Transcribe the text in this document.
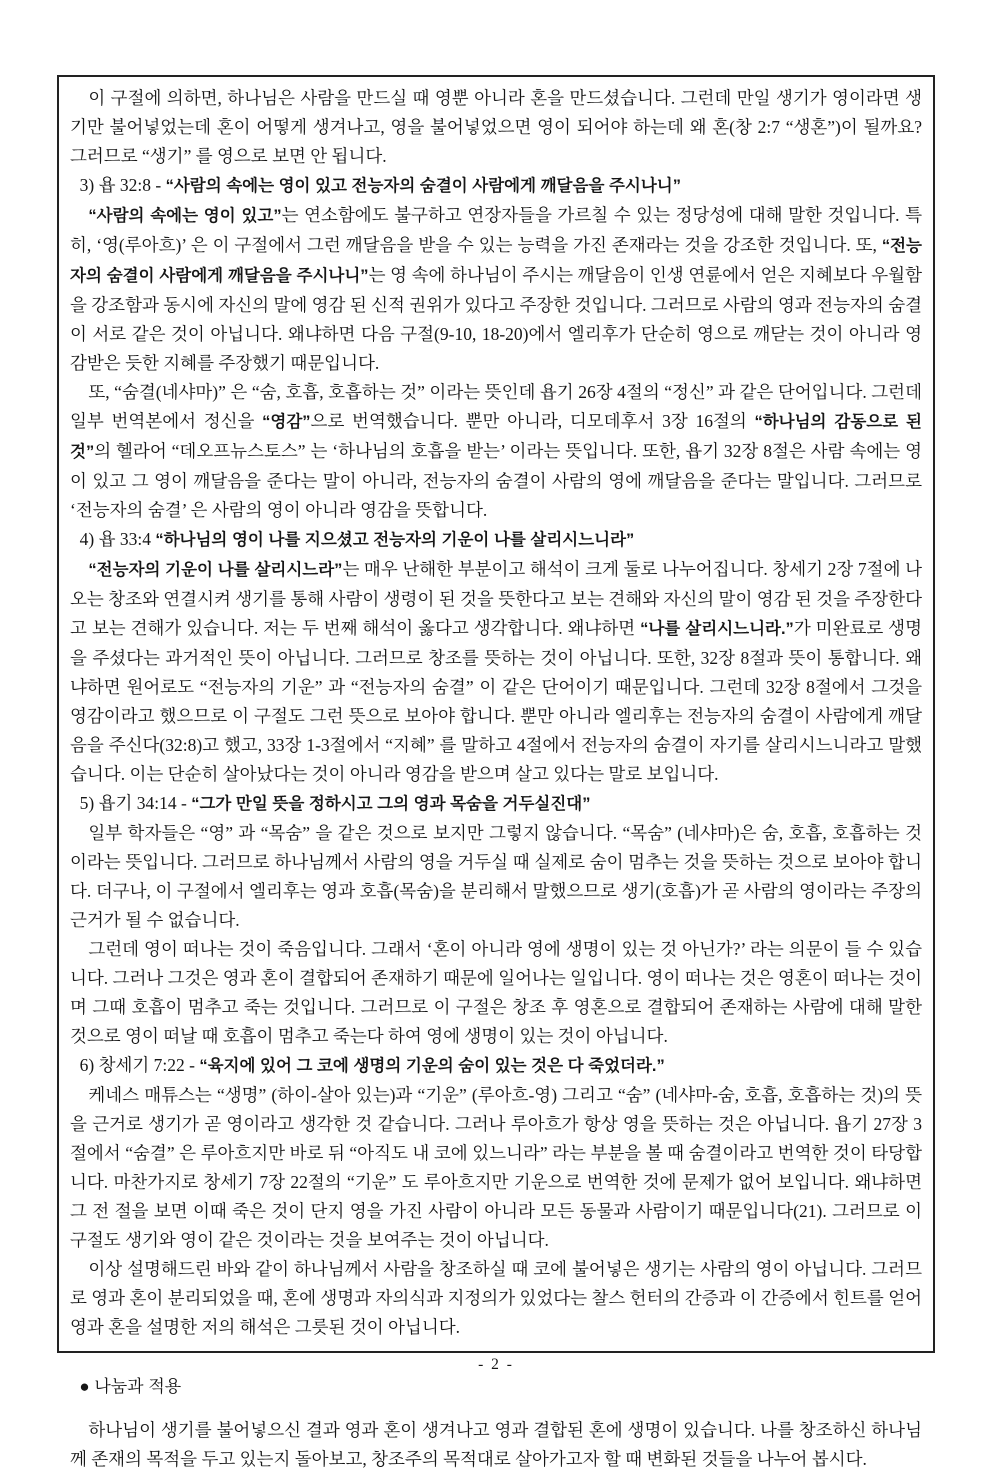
이 구절에 의하면, 하나님은 사람을 만드실 때 영뿐 아니라 혼을 만드셨습니다. 그런데 만일 생기가 영이라면 생기만 불어넣었는데 혼이 어떻게 생겨나고, 영을 불어넣었으면 영이 되어야 하는데 왜 혼(창 2:7 “생혼”)이 될까요? 그러므로 “생기” 를 영으로 보면 안 됩니다.

3) 욥 32:8 - “사람의 속에는 영이 있고 전능자의 숨결이 사람에게 깨달음을 주시나니”

“사람의 속에는 영이 있고”는 연소함에도 불구하고 연장자들을 가르칠 수 있는 정당성에 대해 말한 것입니다. 특히, ‘영(루아흐)’ 은 이 구절에서 그런 깨달음을 받을 수 있는 능력을 가진 존재라는 것을 강조한 것입니다. 또, “전능자의 숨결이 사람에게 깨달음을 주시나니”는 영 속에 하나님이 주시는 깨달음이 인생 연륜에서 얻은 지혜보다 우월함을 강조함과 동시에 자신의 말에 영감 된 신적 권위가 있다고 주장한 것입니다. 그러므로 사람의 영과 전능자의 숨결이 서로 같은 것이 아닙니다. 왜냐하면 다음 구절(9-10, 18-20)에서 엘리후가 단순히 영으로 깨닫는 것이 아니라 영감받은 듯한 지혜를 주장했기 때문입니다.

또, “숨결(네샤마)” 은 “숨, 호흡, 호흡하는 것” 이라는 뜻인데 욥기 26장 4절의 “정신” 과 같은 단어입니다. 그런데 일부 번역본에서 정신을 “영감”으로 번역했습니다. 뿐만 아니라, 디모데후서 3장 16절의 “하나님의 감동으로 된 것”의 헬라어 “데오프뉴스토스” 는 ‘하나님의 호흡을 받는’ 이라는 뜻입니다. 또한, 욥기 32장 8절은 사람 속에는 영이 있고 그 영이 깨달음을 준다는 말이 아니라, 전능자의 숨결이 사람의 영에 깨달음을 준다는 말입니다. 그러므로 ‘전능자의 숨결’ 은 사람의 영이 아니라 영감을 뜻합니다.

4) 욥 33:4 “하나님의 영이 나를 지으셨고 전능자의 기운이 나를 살리시느니라”

“전능자의 기운이 나를 살리시느라”는 매우 난해한 부분이고 해석이 크게 둘로 나누어집니다. 창세기 2장 7절에 나오는 창조와 연결시켜 생기를 통해 사람이 생령이 된 것을 뜻한다고 보는 견해와 자신의 말이 영감 된 것을 주장한다고 보는 견해가 있습니다. 저는 두 번째 해석이 옳다고 생각합니다. 왜냐하면 “나를 살리시느니라.”가 미완료로 생명을 주셨다는 과거적인 뜻이 아닙니다. 그러므로 창조를 뜻하는 것이 아닙니다. 또한, 32장 8절과 뜻이 통합니다. 왜냐하면 원어로도 “전능자의 기운” 과 “전능자의 숨결” 이 같은 단어이기 때문입니다. 그런데 32장 8절에서 그것을 영감이라고 했으므로 이 구절도 그런 뜻으로 보아야 합니다. 뿐만 아니라 엘리후는 전능자의 숨결이 사람에게 깨달음을 주신다(32:8)고 했고, 33장 1-3절에서 “지혜” 를 말하고 4절에서 전능자의 숨결이 자기를 살리시느니라고 말했습니다. 이는 단순히 살아났다는 것이 아니라 영감을 받으며 살고 있다는 말로 보입니다.

5) 욥기 34:14 - “그가 만일 뜻을 정하시고 그의 영과 목숨을 거두실진대”

일부 학자들은 “영” 과 “목숨” 을 같은 것으로 보지만 그렇지 않습니다. “목숨” (네샤마)은 숨, 호흡, 호흡하는 것이라는 뜻입니다. 그러므로 하나님께서 사람의 영을 거두실 때 실제로 숨이 멈추는 것을 뜻하는 것으로 보아야 합니다. 더구나, 이 구절에서 엘리후는 영과 호흡(목숨)을 분리해서 말했으므로 생기(호흡)가 곧 사람의 영이라는 주장의 근거가 될 수 없습니다.

그런데 영이 떠나는 것이 죽음입니다. 그래서 ‘혼이 아니라 영에 생명이 있는 것 아닌가?’ 라는 의문이 들 수 있습니다. 그러나 그것은 영과 혼이 결합되어 존재하기 때문에 일어나는 일입니다. 영이 떠나는 것은 영혼이 떠나는 것이며 그때 호흡이 멈추고 죽는 것입니다. 그러므로 이 구절은 창조 후 영혼으로 결합되어 존재하는 사람에 대해 말한 것으로 영이 떠날 때 호흡이 멈추고 죽는다 하여 영에 생명이 있는 것이 아닙니다.

6) 창세기 7:22 - “육지에 있어 그 코에 생명의 기운의 숨이 있는 것은 다 죽었더라.”

케네스 매튜스는 “생명” (하이-살아 있는)과 “기운” (루아흐-영) 그리고 “숨” (네샤마-숨, 호흡, 호흡하는 것)의 뜻을 근거로 생기가 곧 영이라고 생각한 것 같습니다. 그러나 루아흐가 항상 영을 뜻하는 것은 아닙니다. 욥기 27장 3절에서 “숨결” 은 루아흐지만 바로 뒤 “아직도 내 코에 있느니라” 라는 부분을 볼 때 숨결이라고 번역한 것이 타당합니다. 마찬가지로 창세기 7장 22절의 “기운” 도 루아흐지만 기운으로 번역한 것에 문제가 없어 보입니다. 왜냐하면 그 전 절을 보면 이때 죽은 것이 단지 영을 가진 사람이 아니라 모든 동물과 사람이기 때문입니다(21). 그러므로 이 구절도 생기와 영이 같은 것이라는 것을 보여주는 것이 아닙니다.

이상 설명해드린 바와 같이 하나님께서 사람을 창조하실 때 코에 불어넣은 생기는 사람의 영이 아닙니다. 그러므로 영과 혼이 분리되었을 때, 혼에 생명과 자의식과 지정의가 있었다는 찰스 헌터의 간증과 이 간증에서 힌트를 얻어 영과 혼을 설명한 저의 해석은 그릇된 것이 아닙니다.

● 나눔과 적용

하나님이 생기를 불어넣으신 결과 영과 혼이 생겨나고 영과 결합된 혼에 생명이 있습니다. 나를 창조하신 하나님께 존재의 목적을 두고 있는지 돌아보고, 창조주의 목적대로 살아가고자 할 때 변화된 것들을 나누어 봅시다.

- 2 -
